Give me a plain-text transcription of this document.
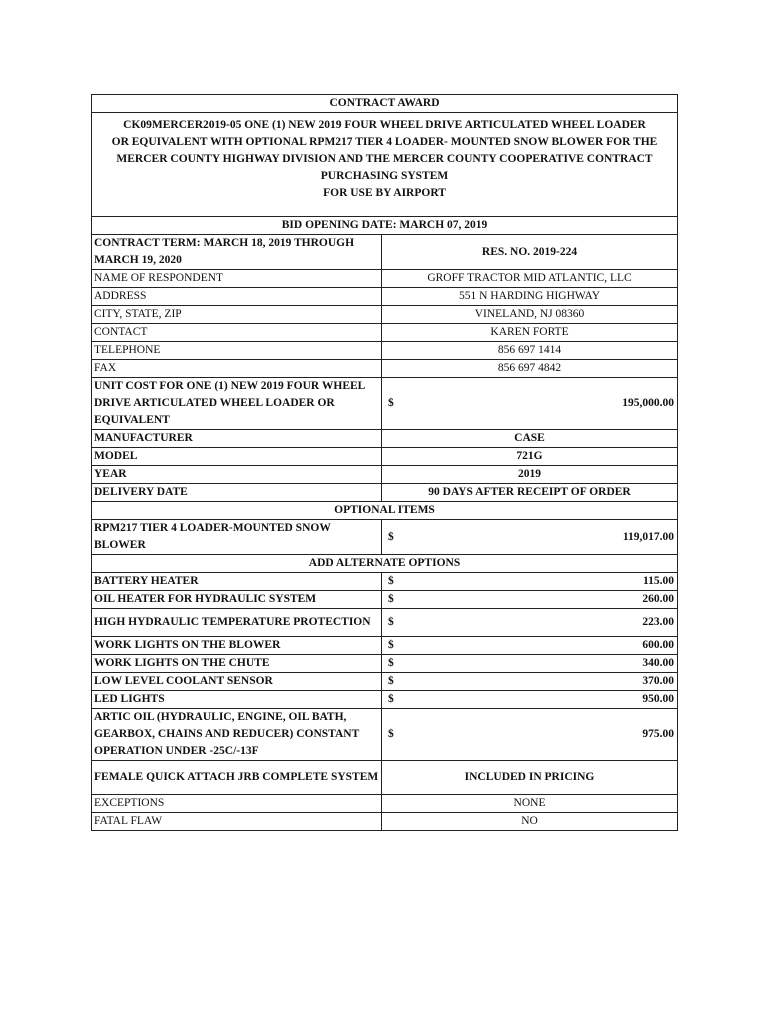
CONTRACT AWARD	

CK09MERCER2019-05 ONE (1) NEW 2019 FOUR WHEEL DRIVE ARTICULATED WHEEL LOADER
OR EQUIVALENT WITH OPTIONAL RPM217 TIER 4 LOADER- MOUNTED SNOW BLOWER FOR THE
MERCER COUNTY HIGHWAY DIVISION AND THE MERCER COUNTY COOPERATIVE CONTRACT
PURCHASING SYSTEM
FOR USE BY AIRPORT	

BID OPENING DATE: MARCH 07, 2019	
CONTRACT TERM: MARCH 18, 2019 THROUGH MARCH 19, 2020	RES. NO. 2019-224
NAME OF RESPONDENT	GROFF TRACTOR MID ATLANTIC, LLC
ADDRESS	551 N HARDING HIGHWAY
CITY, STATE, ZIP	VINELAND, NJ 08360
CONTACT	KAREN FORTE
TELEPHONE	856 697 1414
FAX	856 697 4842
UNIT COST FOR ONE (1) NEW 2019 FOUR WHEEL DRIVE ARTICULATED WHEEL LOADER OR EQUIVALENT	$ 195,000.00

MANUFACTURER	CASE
MODEL	721G
YEAR	2019
DELIVERY DATE	90 DAYS AFTER RECEIPT OF ORDER
OPTIONAL ITEMS	
RPM217 TIER 4 LOADER-MOUNTED SNOW BLOWER	$ 119,017.00

ADD ALTERNATE OPTIONS	
BATTERY HEATER	$ 115.00

OIL HEATER FOR HYDRAULIC SYSTEM	$ 260.00

HIGH HYDRAULIC TEMPERATURE PROTECTION	$ 223.00

WORK LIGHTS ON THE BLOWER	$ 600.00

WORK LIGHTS ON THE CHUTE	$ 340.00

LOW LEVEL COOLANT SENSOR	$ 370.00

LED LIGHTS	$ 950.00

ARTIC OIL (HYDRAULIC, ENGINE, OIL BATH, GEARBOX, CHAINS AND REDUCER) CONSTANT OPERATION UNDER -25C/-13F	$ 975.00

FEMALE QUICK ATTACH JRB COMPLETE SYSTEM	INCLUDED IN PRICING
EXCEPTIONS	NONE
FATAL FLAW	NO
